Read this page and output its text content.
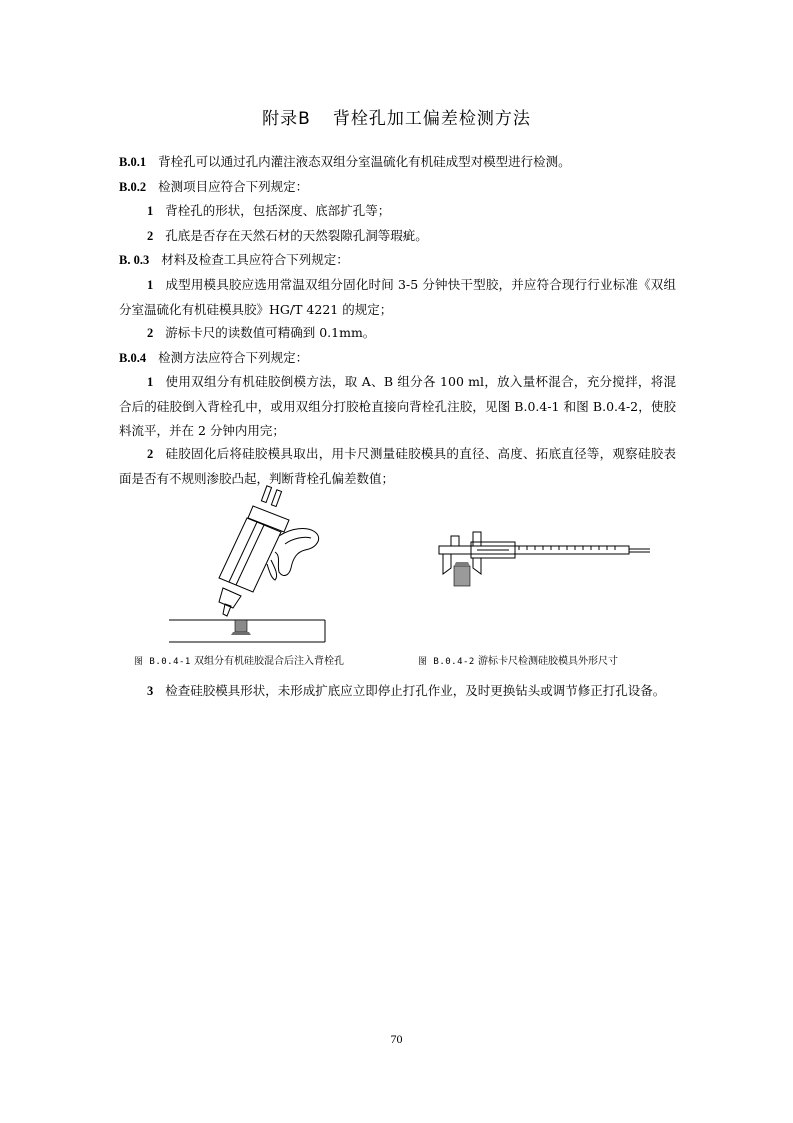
附录B 背栓孔加工偏差检测方法

B.0.1 背栓孔可以通过孔内灌注液态双组分室温硫化有机硅成型对模型进行检测。

B.0.2 检测项目应符合下列规定：

1 背栓孔的形状，包括深度、底部扩孔等；

2 孔底是否存在天然石材的天然裂隙孔洞等瑕疵。

B. 0.3 材料及检查工具应符合下列规定：

1 成型用模具胶应选用常温双组分固化时间 3-5 分钟快干型胶，并应符合现行行业标准《双组分室温硫化有机硅模具胶》HG/T 4221 的规定；

2 游标卡尺的读数值可精确到 0.1mm。

B.0.4 检测方法应符合下列规定：

1 使用双组分有机硅胶倒模方法，取 A、B 组分各 100 ml，放入量杯混合，充分搅拌，将混合后的硅胶倒入背栓孔中，或用双组分打胶枪直接向背栓孔注胶，见图 B.0.4-1 和图 B.0.4-2，使胶料流平，并在 2 分钟内用完；

2 硅胶固化后将硅胶模具取出，用卡尺测量硅胶模具的直径、高度、拓底直径等，观察硅胶表面是否有不规则渗胶凸起，判断背栓孔偏差数值；

图 B.0.4-1 双组分有机硅胶混合后注入背栓孔	图 B.0.4-2 游标卡尺检测硅胶模具外形尺寸

3 检查硅胶模具形状，未形成扩底应立即停止打孔作业，及时更换钻头或调节修正打孔设备。

70
